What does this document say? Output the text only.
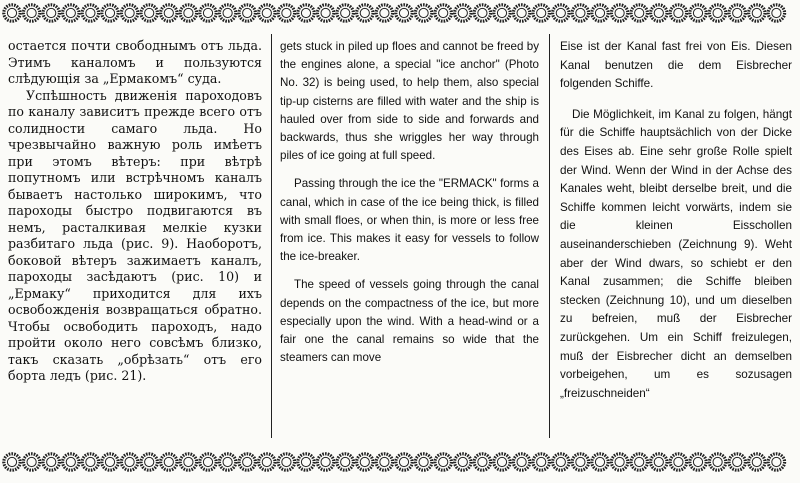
остается почти свободнымъ отъ льда. Этимъ каналомъ и пользуются слѣдующія за „Ермакомъ“ суда.

Успѣшность движенія пароходовъ по каналу зависитъ прежде всего отъ солидности самаго льда. Но чрезвычайно важную роль имѣетъ при этомъ вѣтеръ: при вѣтрѣ попутномъ или встрѣчномъ каналъ бываетъ настолько широкимъ, что пароходы быстро подвигаются въ немъ, расталкивая мелкіе кузки разбитаго льда (рис. 9). Наоборотъ, боковой вѣтеръ зажимаетъ каналъ, пароходы засѣдаютъ (рис. 10) и „Ермаку“ приходится для ихъ освобожденія возвращаться обратно. Чтобы освободить пароходъ, надо пройти около него совсѣмъ близко, такъ сказать „обрѣзать“ отъ его борта ледъ (рис. 21).

gets stuck in piled up floes and cannot be freed by the engines alone, a special "ice anchor" (Photo No. 32) is being used, to help them, also special tip-up cisterns are filled with water and the ship is hauled over from side to side and forwards and backwards, thus she wriggles her way through piles of ice going at full speed.

Passing through the ice the "ERMACK" forms a canal, which in case of the ice being thick, is filled with small floes, or when thin, is more or less free from ice. This makes it easy for vessels to follow the ice-breaker.

The speed of vessels going through the canal depends on the compactness of the ice, but more especially upon the wind. With a head-wind or a fair one the canal remains so wide that the steamers can move

Eise ist der Kanal fast frei von Eis. Diesen Kanal benutzen die dem Eisbrecher folgenden Schiffe.

Die Möglichkeit, im Kanal zu folgen, hängt für die Schiffe hauptsächlich von der Dicke des Eises ab. Eine sehr große Rolle spielt der Wind. Wenn der Wind in der Achse des Kanales weht, bleibt derselbe breit, und die Schiffe kommen leicht vorwärts, indem sie die kleinen Eisschollen auseinanderschieben (Zeichnung 9). Weht aber der Wind dwars, so schiebt er den Kanal zusammen; die Schiffe bleiben stecken (Zeichnung 10), und um dieselben zu befreien, muß der Eisbrecher zurückgehen. Um ein Schiff freizulegen, muß der Eisbrecher dicht an demselben vorbeigehen, um es sozusagen „freizuschneiden“
